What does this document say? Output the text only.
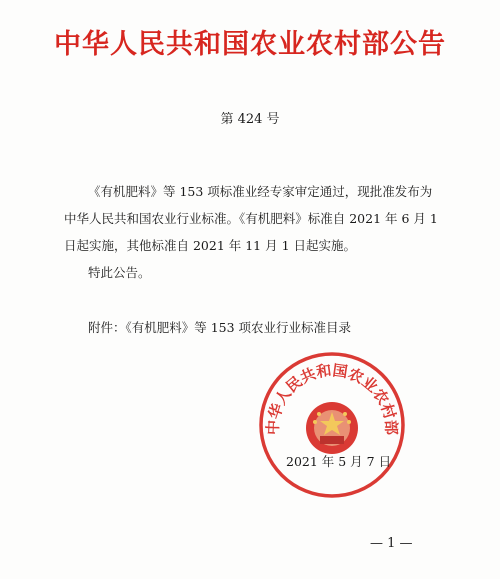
中华人民共和国农业农村部公告
第 424 号
《有机肥料》等 153 项标准业经专家审定通过，现批准发布为
中华人民共和国农业行业标准。《有机肥料》标准自 2021 年 6 月 1
日起实施，其他标准自 2021 年 11 月 1 日起实施。
特此公告。
附件：《有机肥料》等 153 项农业行业标准目录
中华人民共和国农业农村部
2021 年 5 月 7 日
— 1 —
